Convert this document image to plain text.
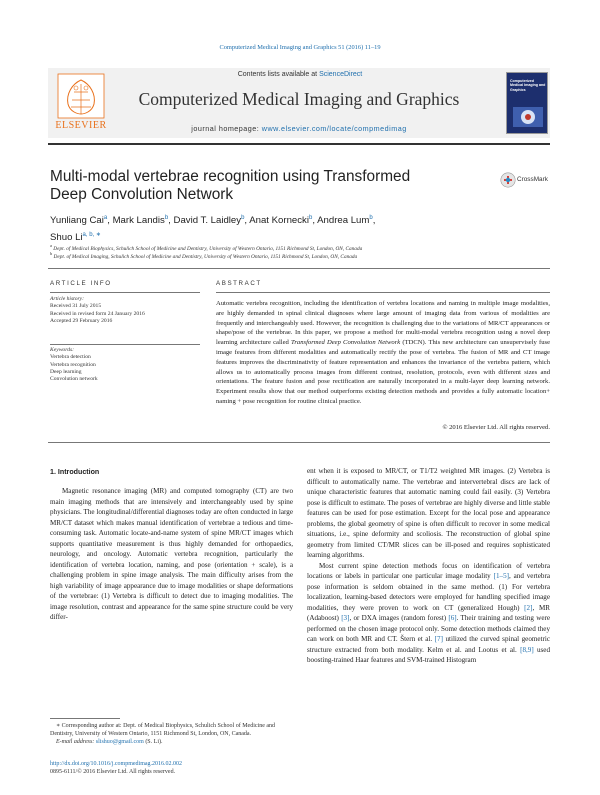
Computerized Medical Imaging and Graphics 51 (2016) 11–19
ELSEVIER
Contents lists available at ScienceDirect
Computerized Medical Imaging and Graphics
journal homepage: www.elsevier.com/locate/compmedimag
Computerized Medical Imaging and Graphics
Multi-modal vertebrae recognition using Transformed Deep Convolution Network
CrossMark
Yunliang Cai$^a$, Mark Landis$^b$, David T. Laidley$^b$, Anat Kornecki$^b$, Andrea Lum$^b$,
Shuo $Li^{a, b, ∗}$
$^a$ Dept. of Medical Biophysics, Schulich School of Medicine and Dentistry, University of Western Ontario, 1151 Richmond St, London, ON, Canada
$^b$ Dept. of Medical Imaging, Schulich School of Medicine and Dentistry, University of Western Ontario, 1151 Richmond St, London, ON, Canada
ARTICLE INFO
Article history:
Received 31 July 2015
Received in revised form 24 January 2016
Accepted 29 February 2016
Keywords:
Vertebra detection
Vertebra recognition
Deep learning
Convolution network
ABSTRACT
Automatic vertebra recognition, including the identification of vertebra locations and naming in multiple image modalities, are highly demanded in spinal clinical diagnoses where large amount of imaging data from various of modalities are frequently and interchangeably used. However, the recognition is challenging due to the variations of MR/CT appearances or shape/pose of the vertebrae. In this paper, we propose a method for multi-modal vertebra recognition using a novel deep learning architecture called Transformed Deep Convolution Network (TDCN). This new architecture can unsupervisely fuse image features from different modalities and automatically rectify the pose of vertebra. The fusion of MR and CT image features improves the discriminativity of feature representation and enhances the invariance of the vertebra pattern, which allows us to automatically process images from different contrast, resolution, protocols, even with different sizes and orientations. The feature fusion and pose rectification are naturally incorporated in a multi-layer deep learning network. Experiment results show that our method outperforms existing detection methods and provides a fully automatic location+ naming + pose recognition for routine clinical practice.
© 2016 Elsevier Ltd. All rights reserved.
1. Introduction

Magnetic resonance imaging (MR) and computed tomography (CT) are two main imaging methods that are intensively and interchangeably used by spine physicians. The longitudinal/differential diagnoses today are often conducted in large MR/CT dataset which makes manual identification of vertebrae a tedious and time-consuming task. Automatic locate-and-name system of spine MR/CT images which supports quantitative measurement is thus highly demanded for orthopaedics, neurology, and oncology. Automatic vertebra recognition, particularly the identification of vertebra location, naming, and pose (orientation + scale), is a challenging problem in spine image analysis. The main difficulty arises from the high variability of image appearance due to image modalities or shape deformations of the vertebrae: (1) Vertebra is difficult to detect due to imaging modalities. The image resolution, contrast and appearance for the same spine structure could be very differ-

ent when it is exposed to MR/CT, or T1/T2 weighted MR images. (2) Vertebra is difficult to automatically name. The vertebrae and intervertebral discs are lack of unique characteristic features that automatic naming could fail easily. (3) Vertebra pose is difficult to estimate. The poses of vertebrae are highly diverse and little stable features can be used for pose estimation. Except for the local pose and appearance problems, the global geometry of spine is often difficult to recover in some medical situations, i.e., spine deformity and scoliosis. The reconstruction of global spine geometry from limited CT/MR slices can be ill-posed and requires sophisticated learning algorithms.

Most current spine detection methods focus on identification of vertebra locations or labels in particular one particular image modality [1–5], and vertebra pose information is seldom obtained in the same method. (1) For vertebra localization, learning-based detectors were employed for handling specified image modalities, they were proven to work on CT (generalized Hough) [2], MR (Adaboost) [3], or DXA images (random forest) [6]. Their training and testing were performed on the chosen image protocol only. Some detection methods claimed they can work on both MR and CT. Štern et al. [7] utilized the curved spinal geometric structure extracted from both modality. Kelm et al. and Lootus et al. [8,9] used boosting-trained Haar features and SVM-trained Histogram

∗ Corresponding author at: Dept. of Medical Biophysics, Schulich School of Medicine and Dentistry, University of Western Ontario, 1151 Richmond St, London, ON, Canada.
E-mail address: slishuo@gmail.com (S. Li).
http://dx.doi.org/10.1016/j.compmedimag.2016.02.002
0895-6111/© 2016 Elsevier Ltd. All rights reserved.
